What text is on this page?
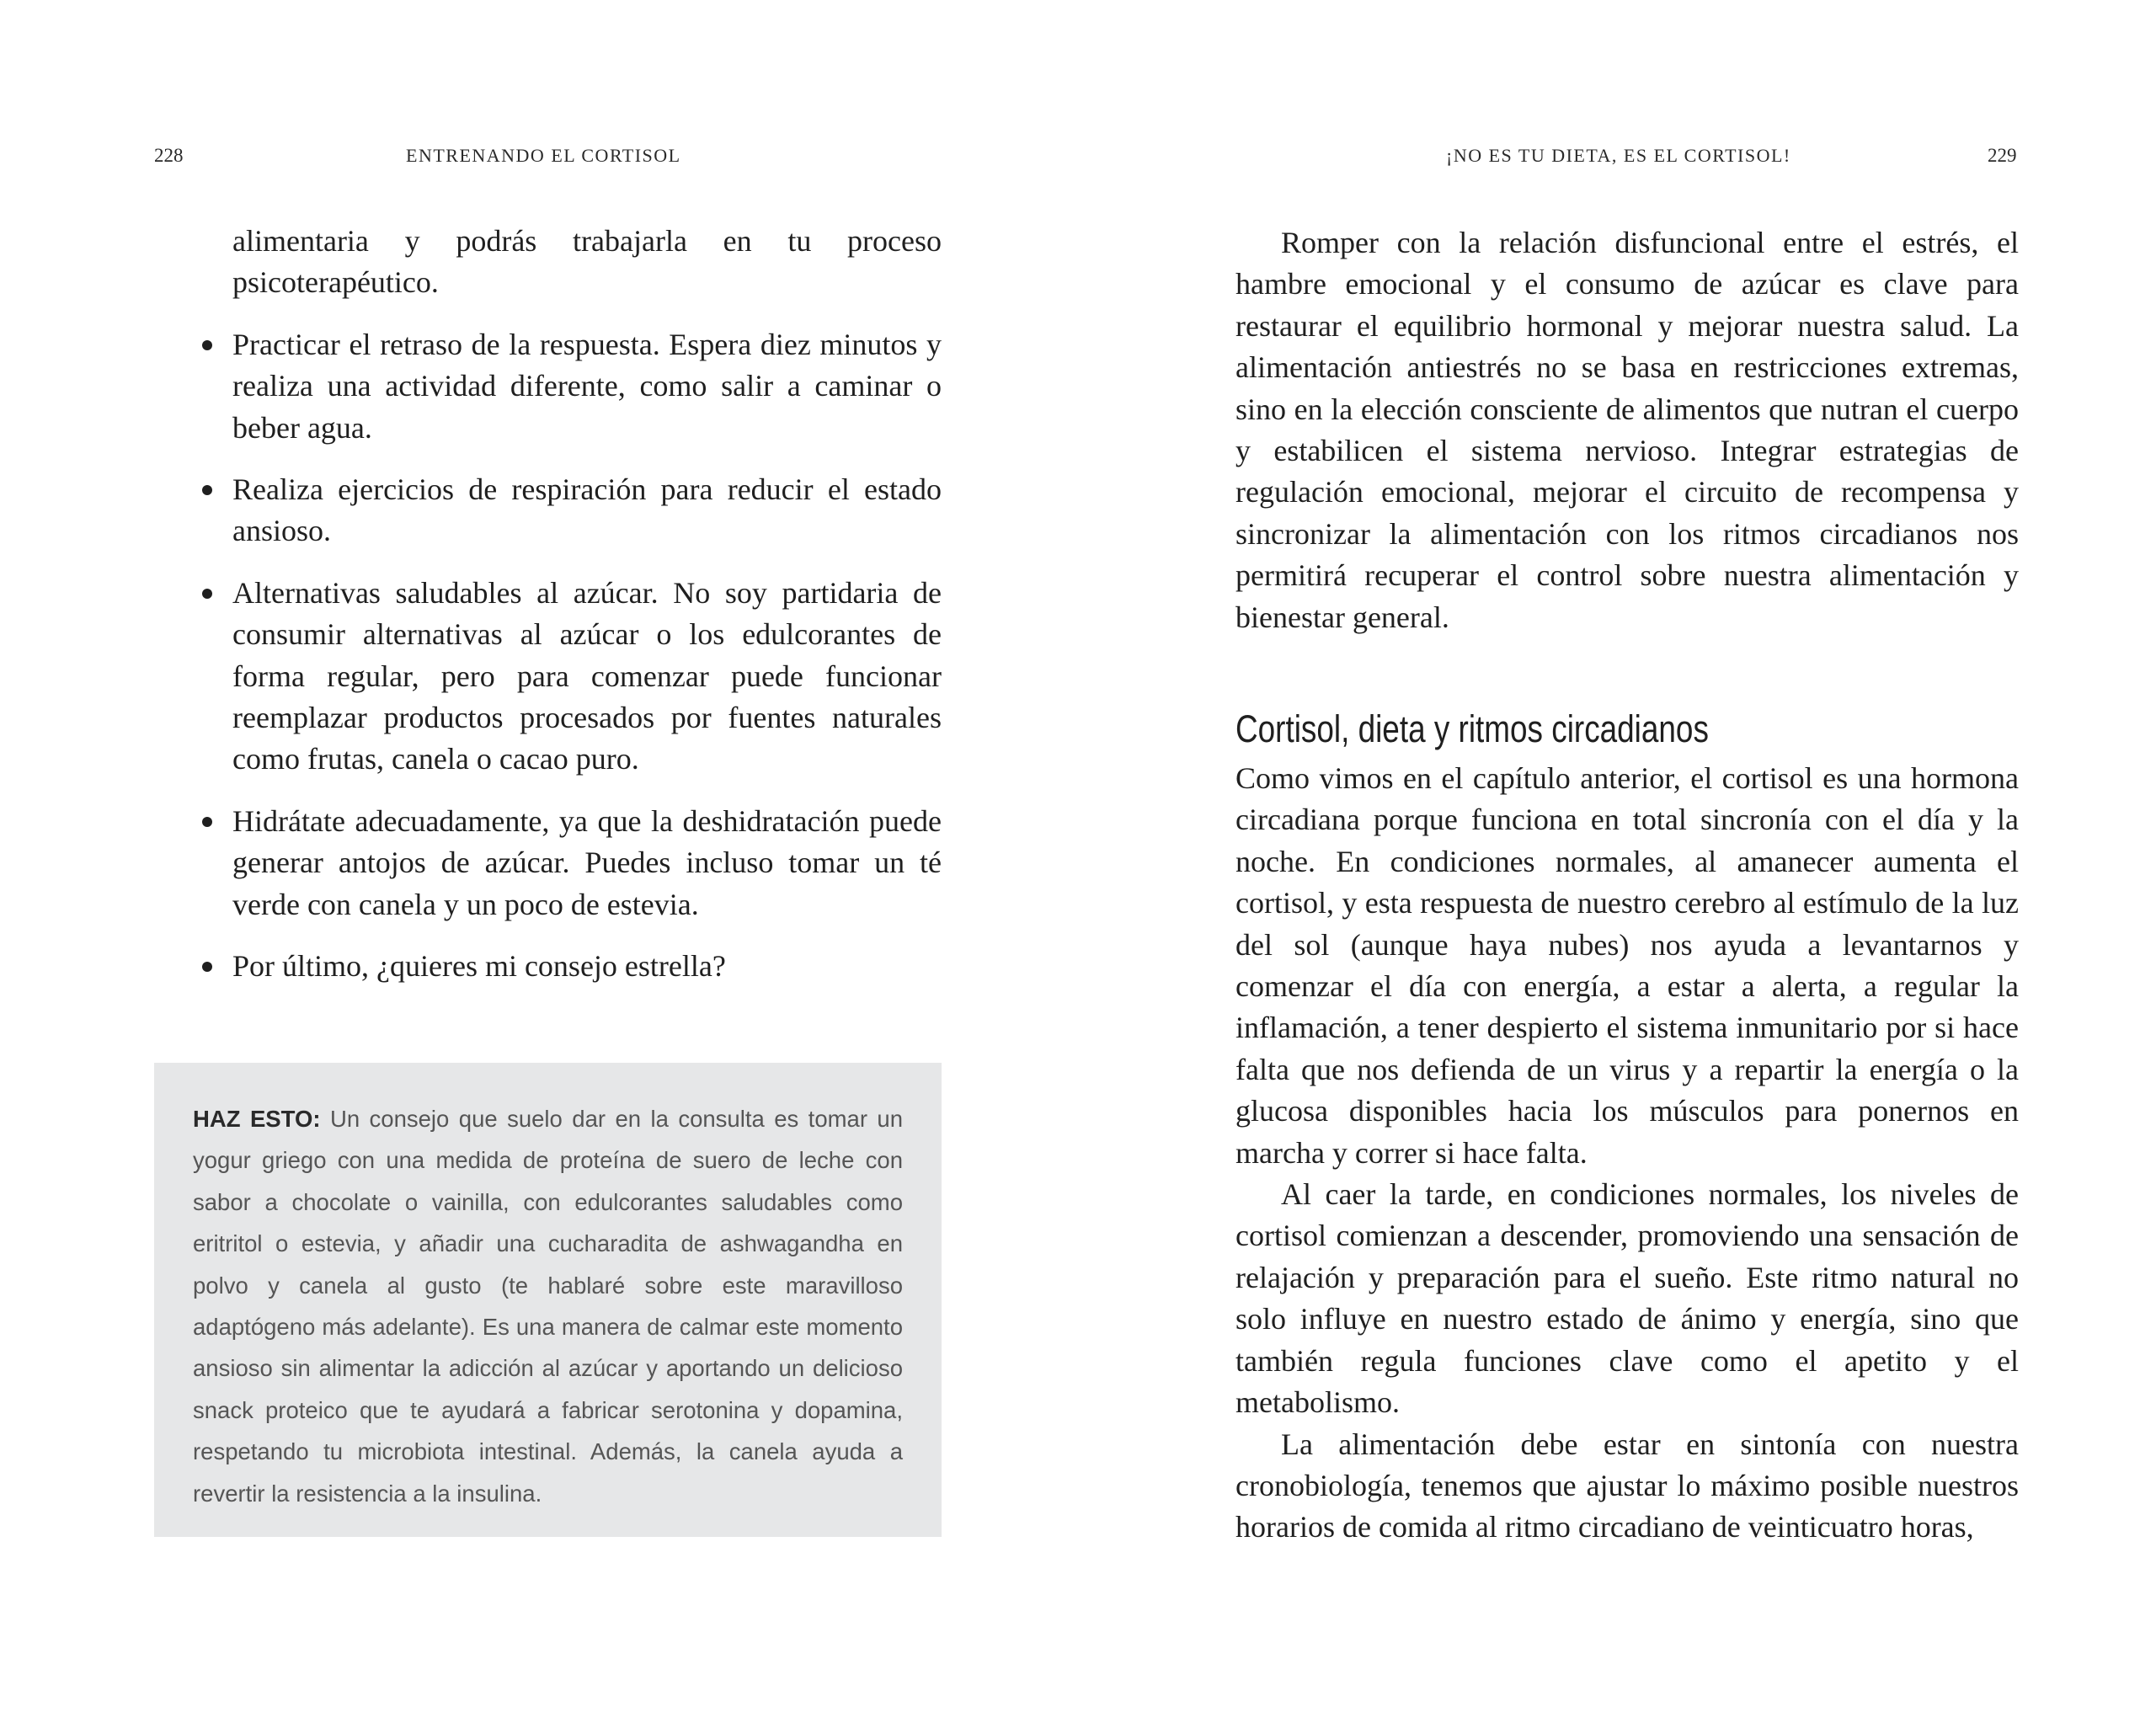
228	ENTRENANDO EL CORTISOL

alimentaria y podrás trabajarla en tu proceso psicoterapéutico.

Practicar el retraso de la respuesta. Espera diez minutos y realiza una actividad diferente, como salir a caminar o beber agua.
Realiza ejercicios de respiración para reducir el estado ansioso.
Alternativas saludables al azúcar. No soy partidaria de consumir alternativas al azúcar o los edulcorantes de forma regular, pero para comenzar puede funcionar reemplazar productos procesados por fuentes naturales como frutas, canela o cacao puro.
Hidrátate adecuadamente, ya que la deshidratación puede generar antojos de azúcar. Puedes incluso tomar un té verde con canela y un poco de estevia.
Por último, ¿quieres mi consejo estrella?

HAZ ESTO: Un consejo que suelo dar en la consulta es tomar un yogur griego con una medida de proteína de suero de leche con sabor a chocolate o vainilla, con edulcorantes saludables como eritritol o estevia, y añadir una cucharadita de ashwagandha en polvo y canela al gusto (te hablaré sobre este maravilloso adaptógeno más adelante). Es una manera de calmar este momento ansioso sin alimentar la adicción al azúcar y aportando un delicioso snack proteico que te ayudará a fabricar serotonina y dopamina, respetando tu microbiota intestinal. Además, la canela ayuda a revertir la resistencia a la insulina.

¡NO ES TU DIETA, ES EL CORTISOL!	229

Romper con la relación disfuncional entre el estrés, el hambre emocional y el consumo de azúcar es clave para restaurar el equilibrio hormonal y mejorar nuestra salud. La alimentación antiestrés no se basa en restricciones extremas, sino en la elección consciente de alimentos que nutran el cuerpo y estabilicen el sistema nervioso. Integrar estrategias de regulación emocional, mejorar el circuito de recompensa y sincronizar la alimentación con los ritmos circadianos nos permitirá recuperar el control sobre nuestra alimentación y bienestar general.

Cortisol, dieta y ritmos circadianos

Como vimos en el capítulo anterior, el cortisol es una hormona circadiana porque funciona en total sincronía con el día y la noche. En condiciones normales, al amanecer aumenta el cortisol, y esta respuesta de nuestro cerebro al estímulo de la luz del sol (aunque haya nubes) nos ayuda a levantarnos y comenzar el día con energía, a estar a alerta, a regular la inflamación, a tener despierto el sistema inmunitario por si hace falta que nos defienda de un virus y a repartir la energía o la glucosa disponibles hacia los músculos para ponernos en marcha y correr si hace falta.

Al caer la tarde, en condiciones normales, los niveles de cortisol comienzan a descender, promoviendo una sensación de relajación y preparación para el sueño. Este ritmo natural no solo influye en nuestro estado de ánimo y energía, sino que también regula funciones clave como el apetito y el metabolismo.

La alimentación debe estar en sintonía con nuestra cronobiología, tenemos que ajustar lo máximo posible nuestros horarios de comida al ritmo circadiano de veinticuatro horas,
